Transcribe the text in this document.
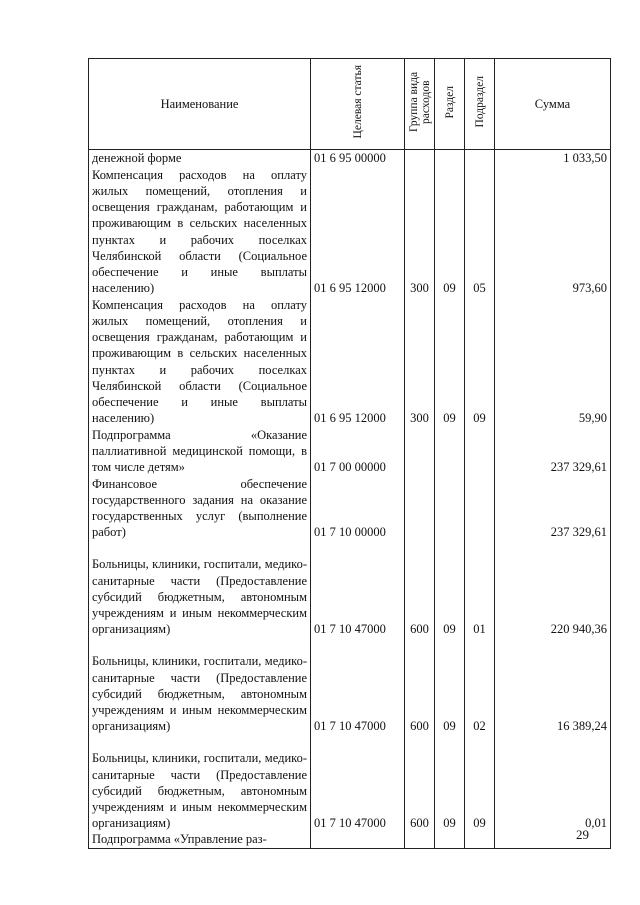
Наименование	Целевая статья	Группа вида расходов	Раздел	Подраздел	Сумма

денежной форме	01 6 95 00000				1 033,50

Компенсация расходов на оплату жилых помещений, отопления и освещения гражданам, работающим и проживающим в сельских населенных пунктах и рабочих поселках Челябинской области (Социальное обеспечение и иные выплаты населению)	01 6 95 12000	300	09	05	973,60

Компенсация расходов на оплату жилых помещений, отопления и освещения гражданам, работающим и проживающим в сельских населенных пунктах и рабочих поселках Челябинской области (Социальное обеспечение и иные выплаты населению)	01 6 95 12000	300	09	09	59,90

Подпрограмма «Оказание паллиативной медицинской помощи, в том числе детям»	01 7 00 00000				237 329,61

Финансовое обеспечение государственного задания на оказание государственных услуг (выполнение работ)	01 7 10 00000				237 329,61

Больницы, клиники, госпитали, медико-санитарные части (Предоставление субсидий бюджетным, автономным учреждениям и иным некоммерческим организациям)	01 7 10 47000	600	09	01	220 940,36

Больницы, клиники, госпитали, медико-санитарные части (Предоставление субсидий бюджетным, автономным учреждениям и иным некоммерческим организациям)	01 7 10 47000	600	09	02	16 389,24

Больницы, клиники, госпитали, медико-санитарные части (Предоставление субсидий бюджетным, автономным учреждениям и иным некоммерческим организациям)	01 7 10 47000	600	09	09	0,01

Подпрограмма «Управление раз-					
						29
